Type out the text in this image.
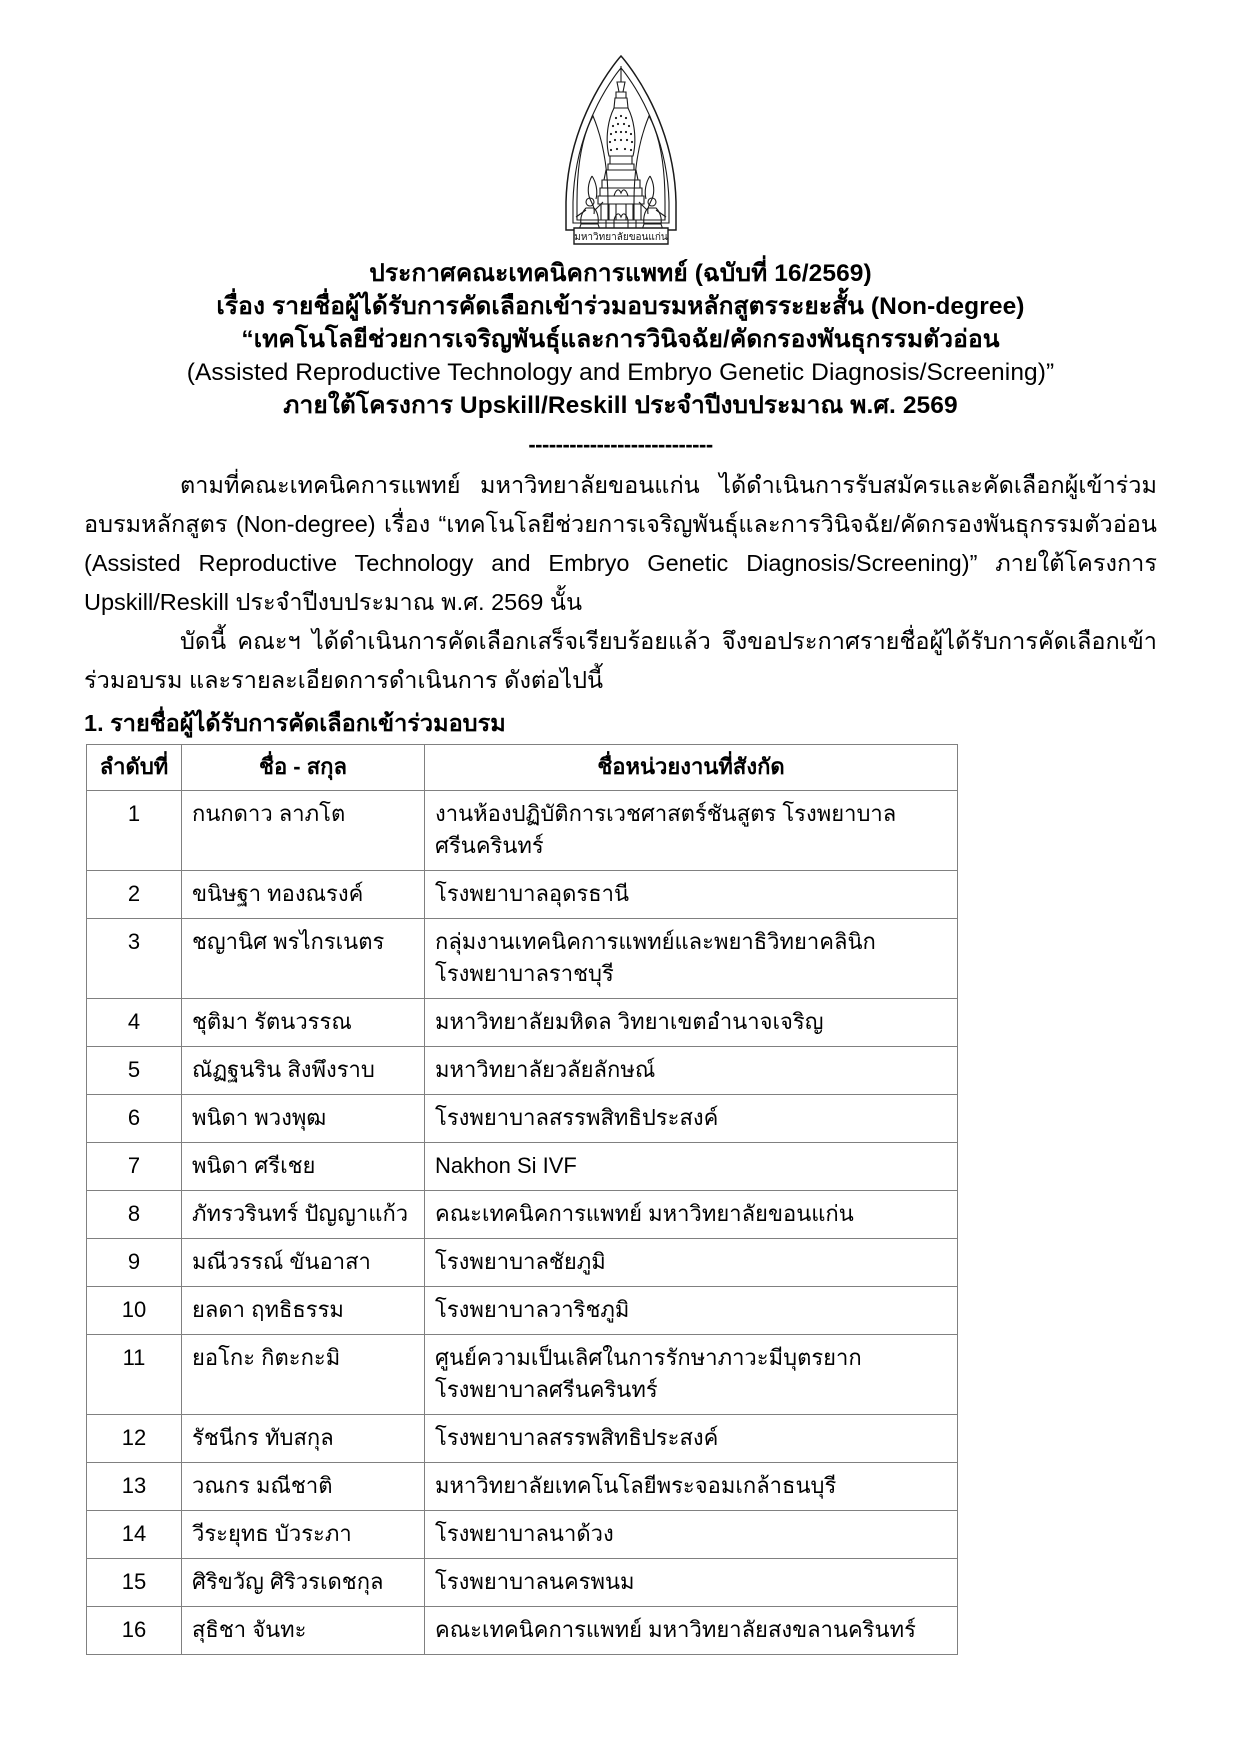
มหาวิทยาลัยขอนแก่น
ประกาศคณะเทคนิคการแพทย์ (ฉบับที่ 16/2569)
เรื่อง รายชื่อผู้ได้รับการคัดเลือกเข้าร่วมอบรมหลักสูตรระยะสั้น (Non-degree)
“เทคโนโลยีช่วยการเจริญพันธุ์และการวินิจฉัย/คัดกรองพันธุกรรมตัวอ่อน
(Assisted Reproductive Technology and Embryo Genetic Diagnosis/Screening)”
ภายใต้โครงการ Upskill/Reskill ประจำปีงบประมาณ พ.ศ. 2569
---------------------------
ตามที่คณะเทคนิคการแพทย์ มหาวิทยาลัยขอนแก่น ได้ดำเนินการรับสมัครและคัดเลือกผู้เข้าร่วมอบรมหลักสูตร (Non-degree) เรื่อง “เทคโนโลยีช่วยการเจริญพันธุ์และการวินิจฉัย/คัดกรองพันธุกรรมตัวอ่อน (Assisted Reproductive Technology and Embryo Genetic Diagnosis/Screening)” ภายใต้โครงการ Upskill/Reskill ประจำปีงบประมาณ พ.ศ. 2569 นั้น
บัดนี้ คณะฯ ได้ดำเนินการคัดเลือกเสร็จเรียบร้อยแล้ว จึงขอประกาศรายชื่อผู้ได้รับการคัดเลือกเข้าร่วมอบรม และรายละเอียดการดำเนินการ ดังต่อไปนี้
1. รายชื่อผู้ได้รับการคัดเลือกเข้าร่วมอบรม
ลำดับที่	ชื่อ - สกุล	ชื่อหน่วยงานที่สังกัด
1	กนกดาว ลาภโต	งานห้องปฏิบัติการเวชศาสตร์ชันสูตร โรงพยาบาลศรีนครินทร์

2	ขนิษฐา ทองณรงค์	โรงพยาบาลอุดรธานี

3	ชญานิศ พรไกรเนตร	กลุ่มงานเทคนิคการแพทย์และพยาธิวิทยาคลินิก
โรงพยาบาลราชบุรี

4	ชุติมา รัตนวรรณ	มหาวิทยาลัยมหิดล วิทยาเขตอำนาจเจริญ

5	ณัฏฐนริน สิงพึงราบ	มหาวิทยาลัยวลัยลักษณ์

6	พนิดา พวงพุฒ	โรงพยาบาลสรรพสิทธิประสงค์

7	พนิดา ศรีเชย	Nakhon Si IVF

8	ภัทรวรินทร์ ปัญญาแก้ว	คณะเทคนิคการแพทย์ มหาวิทยาลัยขอนแก่น

9	มณีวรรณ์ ขันอาสา	โรงพยาบาลชัยภูมิ

10	ยลดา ฤทธิธรรม	โรงพยาบาลวาริชภูมิ

11	ยอโกะ กิตะกะมิ	ศูนย์ความเป็นเลิศในการรักษาภาวะมีบุตรยาก
โรงพยาบาลศรีนครินทร์

12	รัชนีกร ทับสกุล	โรงพยาบาลสรรพสิทธิประสงค์

13	วณกร มณีชาติ	มหาวิทยาลัยเทคโนโลยีพระจอมเกล้าธนบุรี

14	วีระยุทธ บัวระภา	โรงพยาบาลนาด้วง

15	ศิริขวัญ ศิริวรเดชกุล	โรงพยาบาลนครพนม

16	สุธิชา จันทะ	คณะเทคนิคการแพทย์ มหาวิทยาลัยสงขลานครินทร์
